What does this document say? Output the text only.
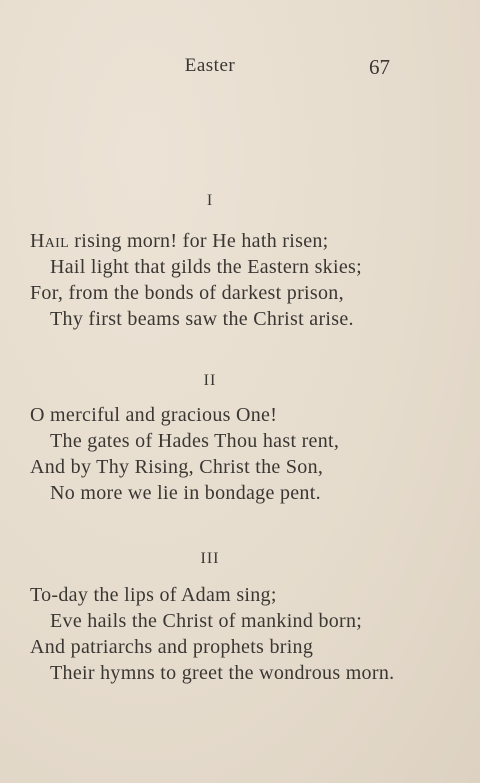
Easter	67
I
Hail rising morn! for He hath risen;
Hail light that gilds the Eastern skies;
For, from the bonds of darkest prison,
Thy first beams saw the Christ arise.
II
O merciful and gracious One!
The gates of Hades Thou hast rent,
And by Thy Rising, Christ the Son,
No more we lie in bondage pent.
III
To-day the lips of Adam sing;
Eve hails the Christ of mankind born;
And patriarchs and prophets bring
Their hymns to greet the wondrous morn.
